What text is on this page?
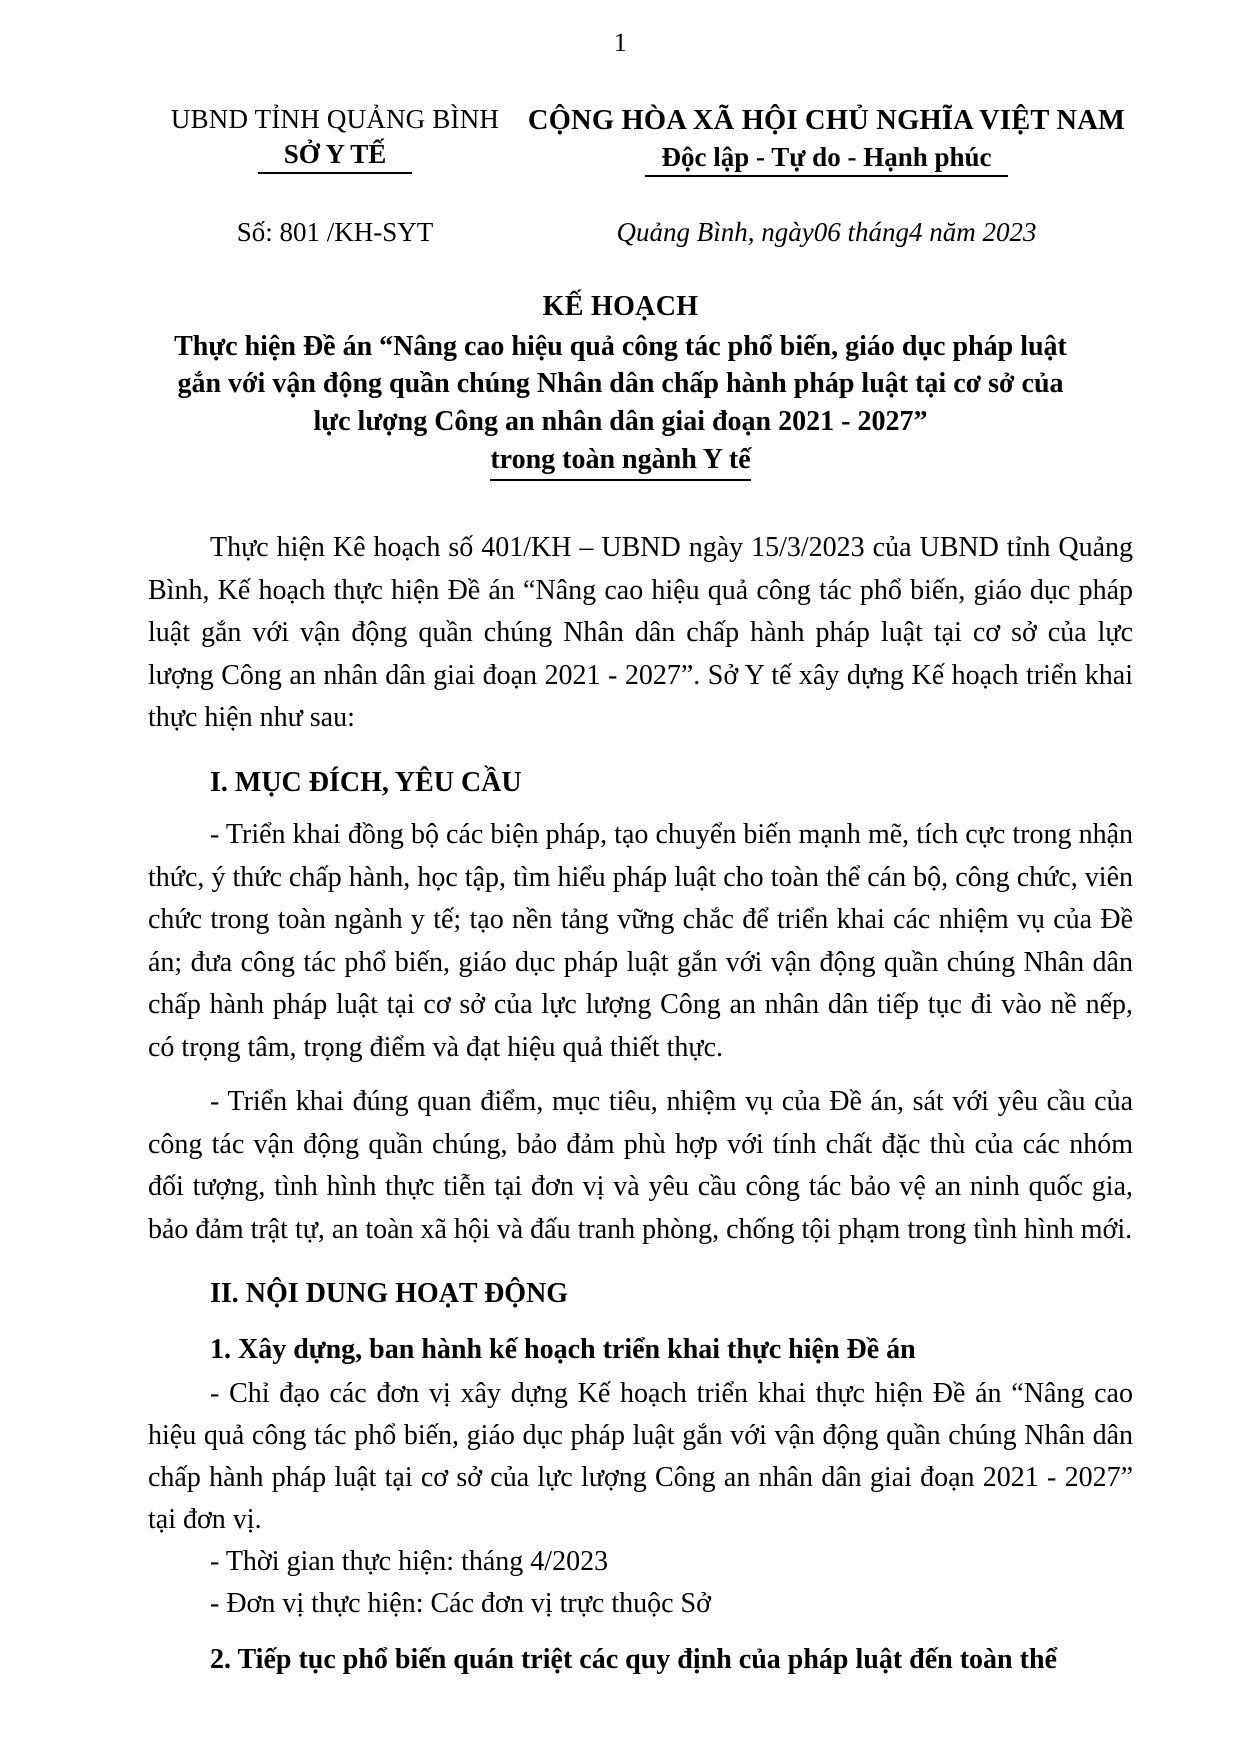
1
UBND TỈNH QUẢNG BÌNH
SỞ Y TẾ
CỘNG HÒA XÃ HỘI CHỦ NGHĨA VIỆT NAM
Độc lập - Tự do - Hạnh phúc
Số: 801 /KH-SYT	Quảng Bình, ngày06 tháng4 năm 2023
KẾ HOẠCH
Thực hiện Đề án “Nâng cao hiệu quả công tác phổ biến, giáo dục pháp luật
gắn với vận động quần chúng Nhân dân chấp hành pháp luật tại cơ sở của
lực lượng Công an nhân dân giai đoạn 2021 - 2027”
trong toàn ngành Y tế

Thực hiện Kê hoạch số 401/KH – UBND ngày 15/3/2023 của UBND tỉnh Quảng Bình, Kế hoạch thực hiện Đề án “Nâng cao hiệu quả công tác phổ biến, giáo dục pháp luật gắn với vận động quần chúng Nhân dân chấp hành pháp luật tại cơ sở của lực lượng Công an nhân dân giai đoạn 2021 - 2027”. Sở Y tế xây dựng Kế hoạch triển khai thực hiện như sau:

I. MỤC ĐÍCH, YÊU CẦU

- Triển khai đồng bộ các biện pháp, tạo chuyển biến mạnh mẽ, tích cực trong nhận thức, ý thức chấp hành, học tập, tìm hiểu pháp luật cho toàn thể cán bộ, công chức, viên chức trong toàn ngành y tế; tạo nền tảng vững chắc để triển khai các nhiệm vụ của Đề án; đưa công tác phổ biến, giáo dục pháp luật gắn với vận động quần chúng Nhân dân chấp hành pháp luật tại cơ sở của lực lượng Công an nhân dân tiếp tục đi vào nề nếp, có trọng tâm, trọng điểm và đạt hiệu quả thiết thực.

- Triển khai đúng quan điểm, mục tiêu, nhiệm vụ của Đề án, sát với yêu cầu của công tác vận động quần chúng, bảo đảm phù hợp với tính chất đặc thù của các nhóm đối tượng, tình hình thực tiễn tại đơn vị và yêu cầu công tác bảo vệ an ninh quốc gia, bảo đảm trật tự, an toàn xã hội và đấu tranh phòng, chống tội phạm trong tình hình mới.

II. NỘI DUNG HOẠT ĐỘNG
1. Xây dựng, ban hành kế hoạch triển khai thực hiện Đề án

- Chỉ đạo các đơn vị xây dựng Kế hoạch triển khai thực hiện Đề án “Nâng cao hiệu quả công tác phổ biến, giáo dục pháp luật gắn với vận động quần chúng Nhân dân chấp hành pháp luật tại cơ sở của lực lượng Công an nhân dân giai đoạn 2021 - 2027” tại đơn vị.

- Thời gian thực hiện: tháng 4/2023

- Đơn vị thực hiện: Các đơn vị trực thuộc Sở

2. Tiếp tục phổ biến quán triệt các quy định của pháp luật đến toàn thể
